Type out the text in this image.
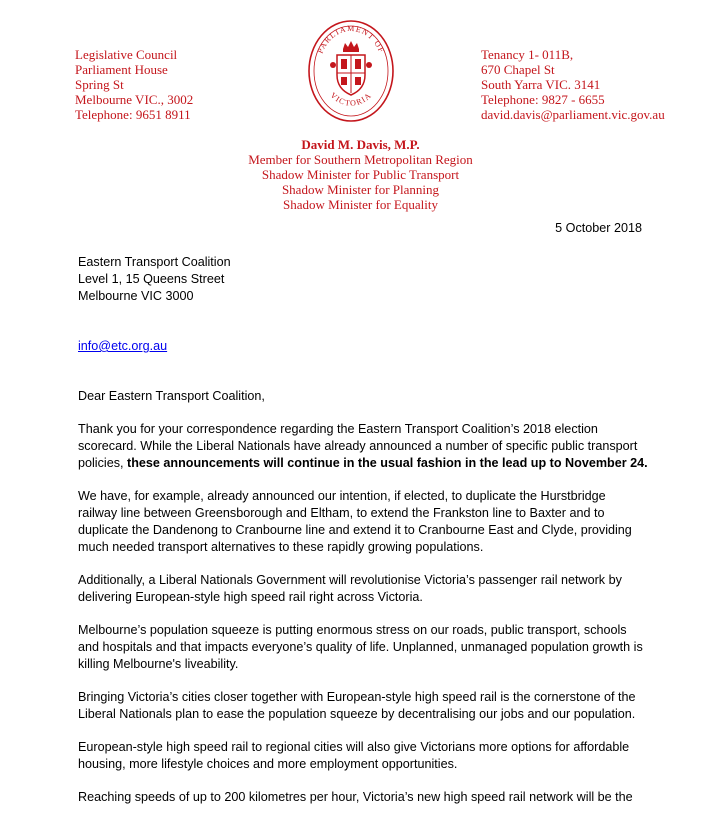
Legislative Council
Parliament House
Spring St
Melbourne VIC., 3002
Telephone: 9651 8911
PARLIAMENT OF
VICTORIA
Tenancy 1- 011B,
670 Chapel St
South Yarra VIC. 3141
Telephone: 9827 - 6655
david.davis@parliament.vic.gov.au
David M. Davis, M.P.
Member for Southern Metropolitan Region
Shadow Minister for Public Transport
Shadow Minister for Planning
Shadow Minister for Equality
5 October 2018
Eastern Transport Coalition
Level 1, 15 Queens Street
Melbourne VIC 3000
info@etc.org.au

Dear Eastern Transport Coalition,

Thank you for your correspondence regarding the Eastern Transport Coalition’s 2018 election scorecard. While the Liberal Nationals have already announced a number of specific public transport policies, these announcements will continue in the usual fashion in the lead up to November 24.

We have, for example, already announced our intention, if elected, to duplicate the Hurstbridge railway line between Greensborough and Eltham, to extend the Frankston line to Baxter and to duplicate the Dandenong to Cranbourne line and extend it to Cranbourne East and Clyde, providing much needed transport alternatives to these rapidly growing populations.

Additionally, a Liberal Nationals Government will revolutionise Victoria’s passenger rail network by delivering European-style high speed rail right across Victoria.

Melbourne’s population squeeze is putting enormous stress on our roads, public transport, schools and hospitals and that impacts everyone’s quality of life. Unplanned, unmanaged population growth is killing Melbourne's liveability.

Bringing Victoria’s cities closer together with European-style high speed rail is the cornerstone of the Liberal Nationals plan to ease the population squeeze by decentralising our jobs and our population.

European-style high speed rail to regional cities will also give Victorians more options for affordable housing, more lifestyle choices and more employment opportunities.

Reaching speeds of up to 200 kilometres per hour, Victoria’s new high speed rail network will be the
